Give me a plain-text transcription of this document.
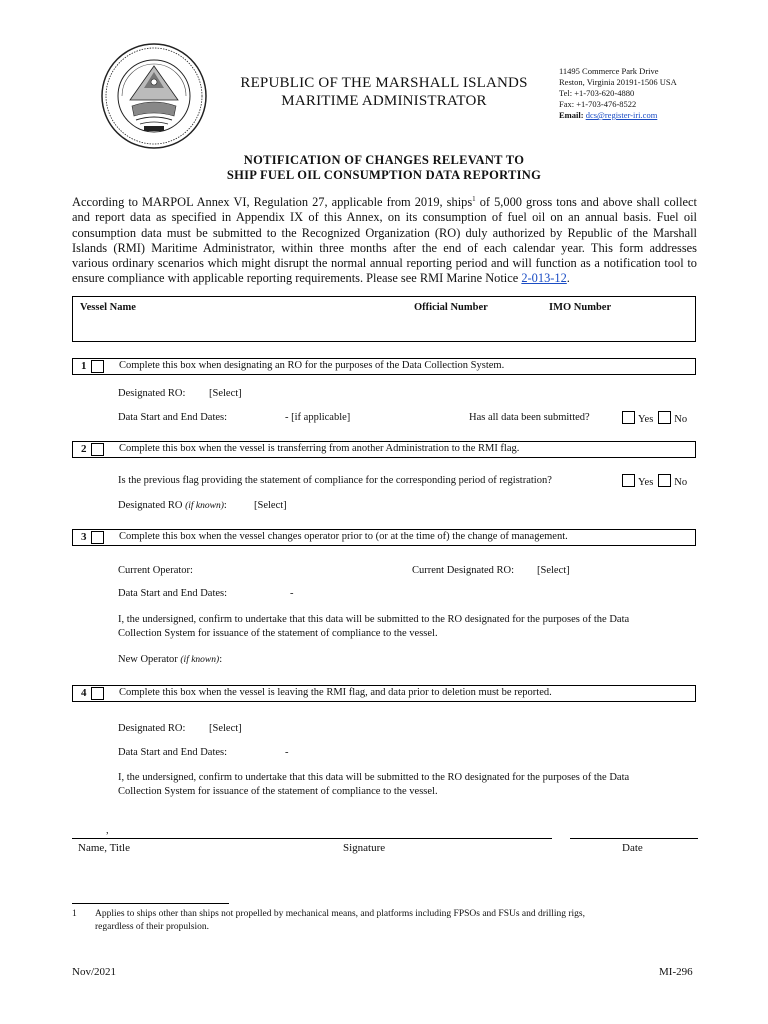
REPUBLIC OF THE MARSHALL ISLANDS
MARITIME ADMINISTRATOR
11495 Commerce Park Drive
Reston, Virginia 20191-1506 USA
Tel: +1-703-620-4880
Fax: +1-703-476-8522
Email: dcs@register-iri.com
NOTIFICATION OF CHANGES RELEVANT TO
SHIP FUEL OIL CONSUMPTION DATA REPORTING
According to MARPOL Annex VI, Regulation 27, applicable from 2019, ships$^1$ of 5,000 gross tons and above shall collect
and report data as specified in Appendix IX of this Annex, on its consumption of fuel oil on an annual basis. Fuel oil
consumption data must be submitted to the Recognized Organization (RO) duly authorized by Republic of the Marshall
Islands (RMI) Maritime Administrator, within three months after the end of each calendar year. This form addresses
various ordinary scenarios which might disrupt the normal annual reporting period and will function as a notification tool to
ensure compliance with applicable reporting requirements. Please see RMI Marine Notice 2-013-12.
Vessel Name	Official Number	IMO Number
1	Complete this box when designating an RO for the purposes of the Data Collection System.
Designated RO: [Select]
Data Start and End Dates:	- [if applicable]	Has all data been submitted?	Yes No
2	Complete this box when the vessel is transferring from another Administration to the RMI flag.
Is the previous flag providing the statement of compliance for the corresponding period of registration?	Yes No
Designated RO (if known):	[Select]
3	Complete this box when the vessel changes operator prior to (or at the time of) the change of management.
Current Operator:	Current Designated RO: [Select]
Data Start and End Dates:	-
I, the undersigned, confirm to undertake that this data will be submitted to the RO designated for the purposes of the Data
Collection System for issuance of the statement of compliance to the vessel.
New Operator (if known):
4	Complete this box when the vessel is leaving the RMI flag, and data prior to deletion must be reported.
Designated RO: [Select]
Data Start and End Dates:	-
I, the undersigned, confirm to undertake that this data will be submitted to the RO designated for the purposes of the Data
Collection System for issuance of the statement of compliance to the vessel.
,
Name, Title	Signature	Date
1 Applies to ships other than ships not propelled by mechanical means, and platforms including FPSOs and FSUs and drilling rigs,
regardless of their propulsion.
Nov/2021	MI-296
